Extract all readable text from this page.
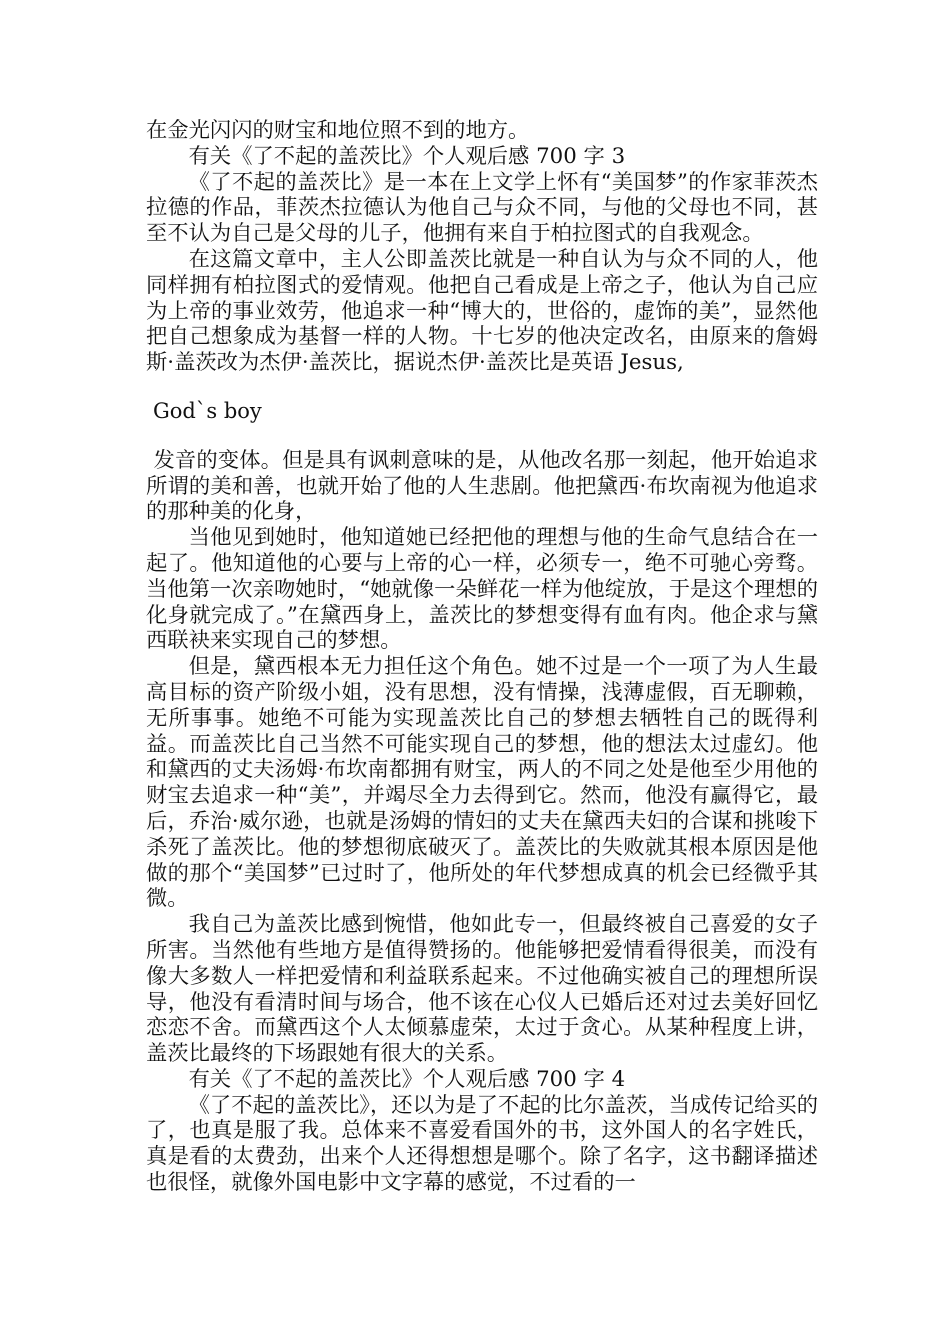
在金光闪闪的财宝和地位照不到的地方。

有关《了不起的盖茨比》个人观后感 700 字 3

《了不起的盖茨比》是一本在上文学上怀有“美国梦”的作家菲茨杰拉德的作品，菲茨杰拉德认为他自己与众不同，与他的父母也不同，甚至不认为自己是父母的儿子，他拥有来自于柏拉图式的自我观念。

在这篇文章中，主人公即盖茨比就是一种自认为与众不同的人，他同样拥有柏拉图式的爱情观。他把自己看成是上帝之子，他认为自己应为上帝的事业效劳，他追求一种“博大的，世俗的，虚饰的美”，显然他把自己想象成为基督一样的人物。十七岁的他决定改名，由原来的詹姆斯·盖茨改为杰伊·盖茨比，据说杰伊·盖茨比是英语 Jesus,

God`s boy

发音的变体。但是具有讽刺意味的是，从他改名那一刻起，他开始追求所谓的美和善，也就开始了他的人生悲剧。他把黛西·布坎南视为他追求的那种美的化身，

当他见到她时，他知道她已经把他的理想与他的生命气息结合在一起了。他知道他的心要与上帝的心一样，必须专一，绝不可驰心旁骛。当他第一次亲吻她时，“她就像一朵鲜花一样为他绽放，于是这个理想的化身就完成了。”在黛西身上，盖茨比的梦想变得有血有肉。他企求与黛西联袂来实现自己的梦想。

但是，黛西根本无力担任这个角色。她不过是一个一项了为人生最高目标的资产阶级小姐，没有思想，没有情操，浅薄虚假，百无聊赖，无所事事。她绝不可能为实现盖茨比自己的梦想去牺牲自己的既得利益。而盖茨比自己当然不可能实现自己的梦想，他的想法太过虚幻。他和黛西的丈夫汤姆·布坎南都拥有财宝，两人的不同之处是他至少用他的财宝去追求一种“美”，并竭尽全力去得到它。然而，他没有赢得它，最后，乔治·威尔逊，也就是汤姆的情妇的丈夫在黛西夫妇的合谋和挑唆下杀死了盖茨比。他的梦想彻底破灭了。盖茨比的失败就其根本原因是他做的那个“美国梦”已过时了，他所处的年代梦想成真的机会已经微乎其微。

我自己为盖茨比感到惋惜，他如此专一，但最终被自己喜爱的女子所害。当然他有些地方是值得赞扬的。他能够把爱情看得很美，而没有像大多数人一样把爱情和利益联系起来。不过他确实被自己的理想所误导，他没有看清时间与场合，他不该在心仪人已婚后还对过去美好回忆恋恋不舍。而黛西这个人太倾慕虚荣，太过于贪心。从某种程度上讲，盖茨比最终的下场跟她有很大的关系。

有关《了不起的盖茨比》个人观后感 700 字 4

《了不起的盖茨比》，还以为是了不起的比尔盖茨，当成传记给买的了，也真是服了我。总体来不喜爱看国外的书，这外国人的名字姓氏，真是看的太费劲，出来个人还得想想是哪个。除了名字，这书翻译描述也很怪，就像外国电影中文字幕的感觉，不过看的一
